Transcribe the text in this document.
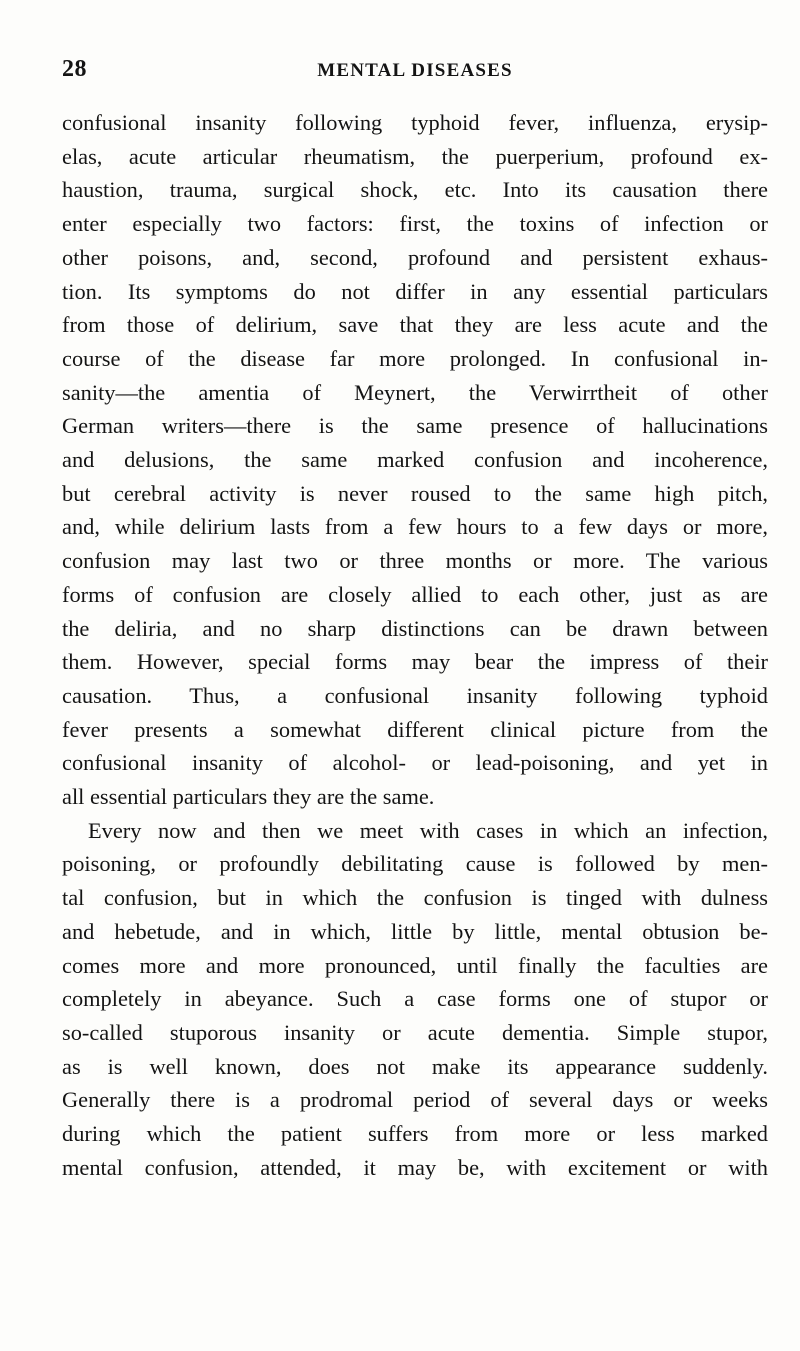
28	MENTAL DISEASES
confusional insanity following typhoid fever, influenza, erysip-
elas, acute articular rheumatism, the puerperium, profound ex-
haustion, trauma, surgical shock, etc. Into its causation there
enter especially two factors: first, the toxins of infection or
other poisons, and, second, profound and persistent exhaus-
tion. Its symptoms do not differ in any essential particulars
from those of delirium, save that they are less acute and the
course of the disease far more prolonged. In confusional in-
sanity—the amentia of Meynert, the Verwirrtheit of other
German writers—there is the same presence of hallucinations
and delusions, the same marked confusion and incoherence,
but cerebral activity is never roused to the same high pitch,
and, while delirium lasts from a few hours to a few days or more,
confusion may last two or three months or more. The various
forms of confusion are closely allied to each other, just as are
the deliria, and no sharp distinctions can be drawn between
them. However, special forms may bear the impress of their
causation. Thus, a confusional insanity following typhoid
fever presents a somewhat different clinical picture from the
confusional insanity of alcohol- or lead-poisoning, and yet in
all essential particulars they are the same.
Every now and then we meet with cases in which an infection,
poisoning, or profoundly debilitating cause is followed by men-
tal confusion, but in which the confusion is tinged with dulness
and hebetude, and in which, little by little, mental obtusion be-
comes more and more pronounced, until finally the faculties are
completely in abeyance. Such a case forms one of stupor or
so-called stuporous insanity or acute dementia. Simple stupor,
as is well known, does not make its appearance suddenly.
Generally there is a prodromal period of several days or weeks
during which the patient suffers from more or less marked
mental confusion, attended, it may be, with excitement or with
